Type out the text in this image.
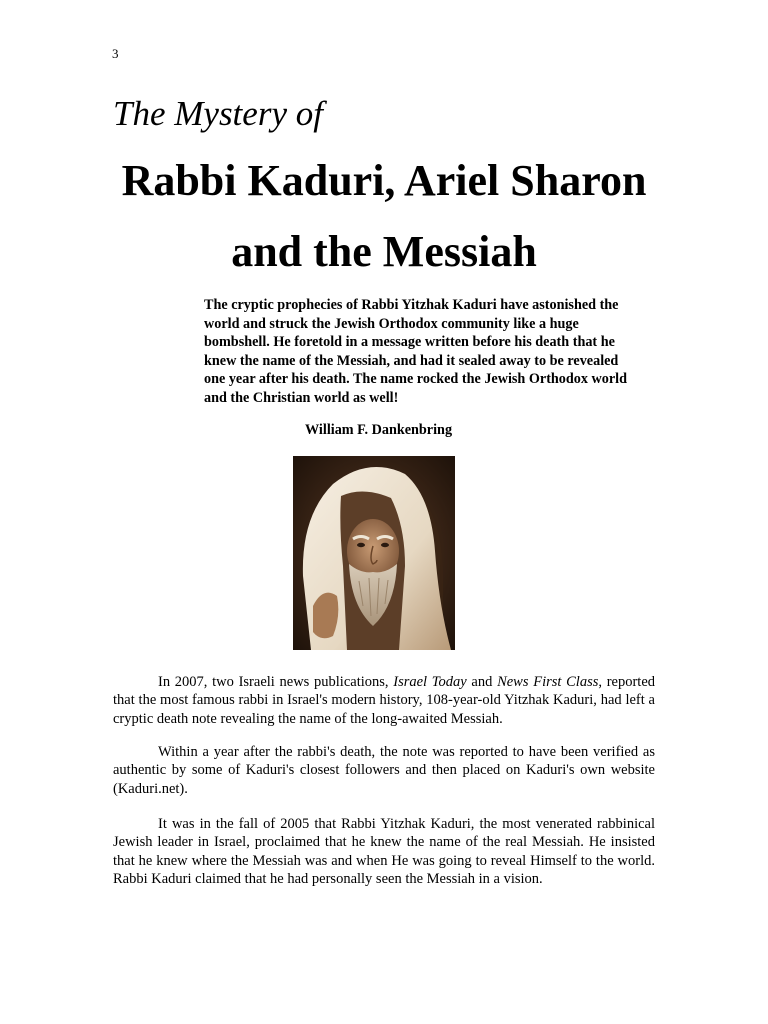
3
The Mystery of
Rabbi Kaduri, Ariel Sharon
and the Messiah

The cryptic prophecies of Rabbi Yitzhak Kaduri have astonished the world and struck the Jewish Orthodox community like a huge bombshell. He foretold in a message written before his death that he knew the name of the Messiah, and had it sealed away to be revealed one year after his death. The name rocked the Jewish Orthodox world and the Christian world as well!

William F. Dankenbring

In 2007, two Israeli news publications, Israel Today and News First Class, reported that the most famous rabbi in Israel's modern history, 108-year-old Yitzhak Kaduri, had left a cryptic death note revealing the name of the long-awaited Messiah.

Within a year after the rabbi's death, the note was reported to have been verified as authentic by some of Kaduri's closest followers and then placed on Kaduri's own website (Kaduri.net).

It was in the fall of 2005 that Rabbi Yitzhak Kaduri, the most venerated rabbinical Jewish leader in Israel, proclaimed that he knew the name of the real Messiah. He insisted that he knew where the Messiah was and when He was going to reveal Himself to the world. Rabbi Kaduri claimed that he had personally seen the Messiah in a vision.
